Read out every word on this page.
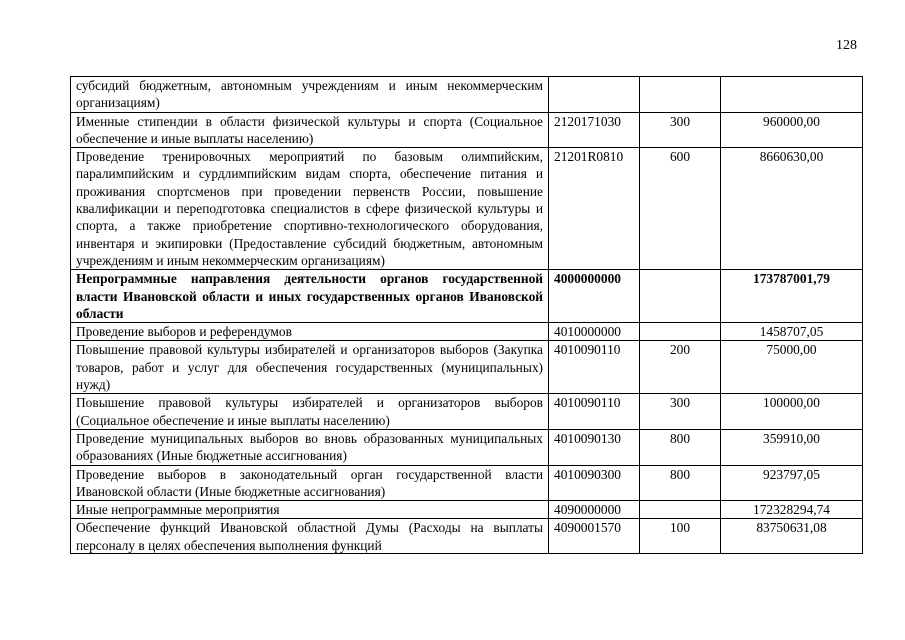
128
субсидий бюджетным, автономным учреждениям и иным некоммерческим организациям)			
Именные стипендии в области физической культуры и спорта (Социальное обеспечение и иные выплаты населению)	2120171030	300	960000,00
Проведение тренировочных мероприятий по базовым олимпийским, паралимпийским и сурдлимпийским видам спорта, обеспечение питания и проживания спортсменов при проведении первенств России, повышение квалификации и переподготовка специалистов в сфере физической культуры и спорта, а также приобретение спортивно-технологического оборудования, инвентаря и экипировки (Предоставление субсидий бюджетным, автономным учреждениям и иным некоммерческим организациям)	21201R0810	600	8660630,00
Непрограммные направления деятельности органов государственной власти Ивановской области и иных государственных органов Ивановской области	4000000000		173787001,79
Проведение выборов и референдумов	4010000000		1458707,05
Повышение правовой культуры избирателей и организаторов выборов (Закупка товаров, работ и услуг для обеспечения государственных (муниципальных) нужд)	4010090110	200	75000,00
Повышение правовой культуры избирателей и организаторов выборов (Социальное обеспечение и иные выплаты населению)	4010090110	300	100000,00
Проведение муниципальных выборов во вновь образованных муниципальных образованиях (Иные бюджетные ассигнования)	4010090130	800	359910,00
Проведение выборов в законодательный орган государственной власти Ивановской области (Иные бюджетные ассигнования)	4010090300	800	923797,05
Иные непрограммные мероприятия	4090000000		172328294,74

Обеспечение функций Ивановской областной Думы (Расходы на выплаты персоналу в целях обеспечения выполнения функций	4090001570	100	83750631,08
